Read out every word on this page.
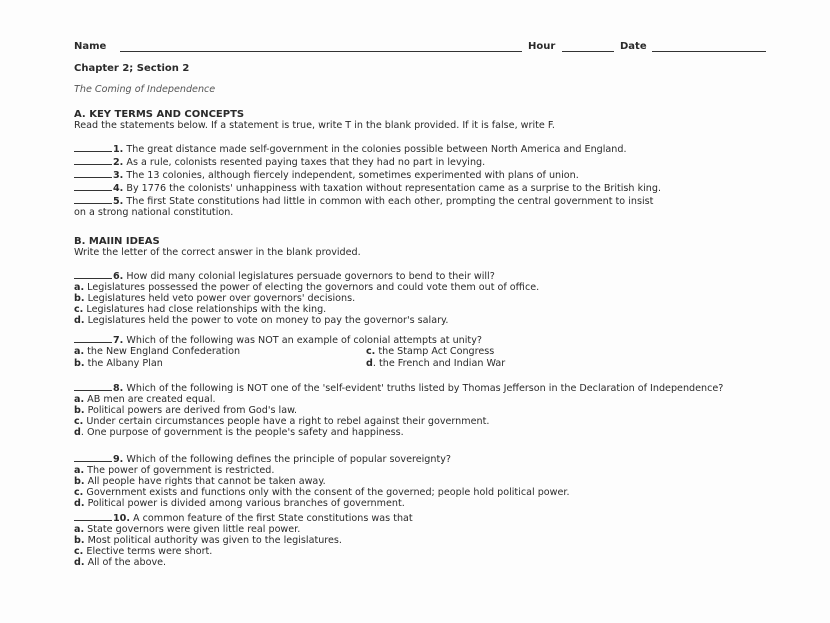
Name	Hour	Date
Chapter 2; Section 2
The Coming of Independence
A. KEY TERMS AND CONCEPTS
Read the statements below. If a statement is true, write T in the blank provided. If it is false, write F.
1. The great distance made self-government in the colonies possible between North America and England.
2. As a rule, colonists resented paying taxes that they had no part in levying.
3. The 13 colonies, although fiercely independent, sometimes experimented with plans of union.
4. By 1776 the colonists' unhappiness with taxation without representation came as a surprise to the British king.
5. The first State constitutions had little in common with each other, prompting the central government to insist on a strong national constitution.
B. MAIIN IDEAS
Write the letter of the correct answer in the blank provided.
6. How did many colonial legislatures persuade governors to bend to their will?
a. Legislatures possessed the power of electing the governors and could vote them out of office.
b. Legislatures held veto power over governors' decisions.
c. Legislatures had close relationships with the king.
d. Legislatures held the power to vote on money to pay the governor's salary.
7. Which of the following was NOT an example of colonial attempts at unity?
a. the New England Confederation	c. the Stamp Act Congress
b. the Albany Plan	d. the French and Indian War
8. Which of the following is NOT one of the 'self-evident' truths listed by Thomas Jefferson in the Declaration of Independence?
a. AB men are created equal.
b. Political powers are derived from God's law.
c. Under certain circumstances people have a right to rebel against their government.
d. One purpose of government is the people's safety and happiness.
9. Which of the following defines the principle of popular sovereignty?
a. The power of government is restricted.
b. All people have rights that cannot be taken away.
c. Government exists and functions only with the consent of the governed; people hold political power.
d. Political power is divided among various branches of government.
10. A common feature of the first State constitutions was that
a. State governors were given little real power.
b. Most political authority was given to the legislatures.
c. Elective terms were short.
d. All of the above.
